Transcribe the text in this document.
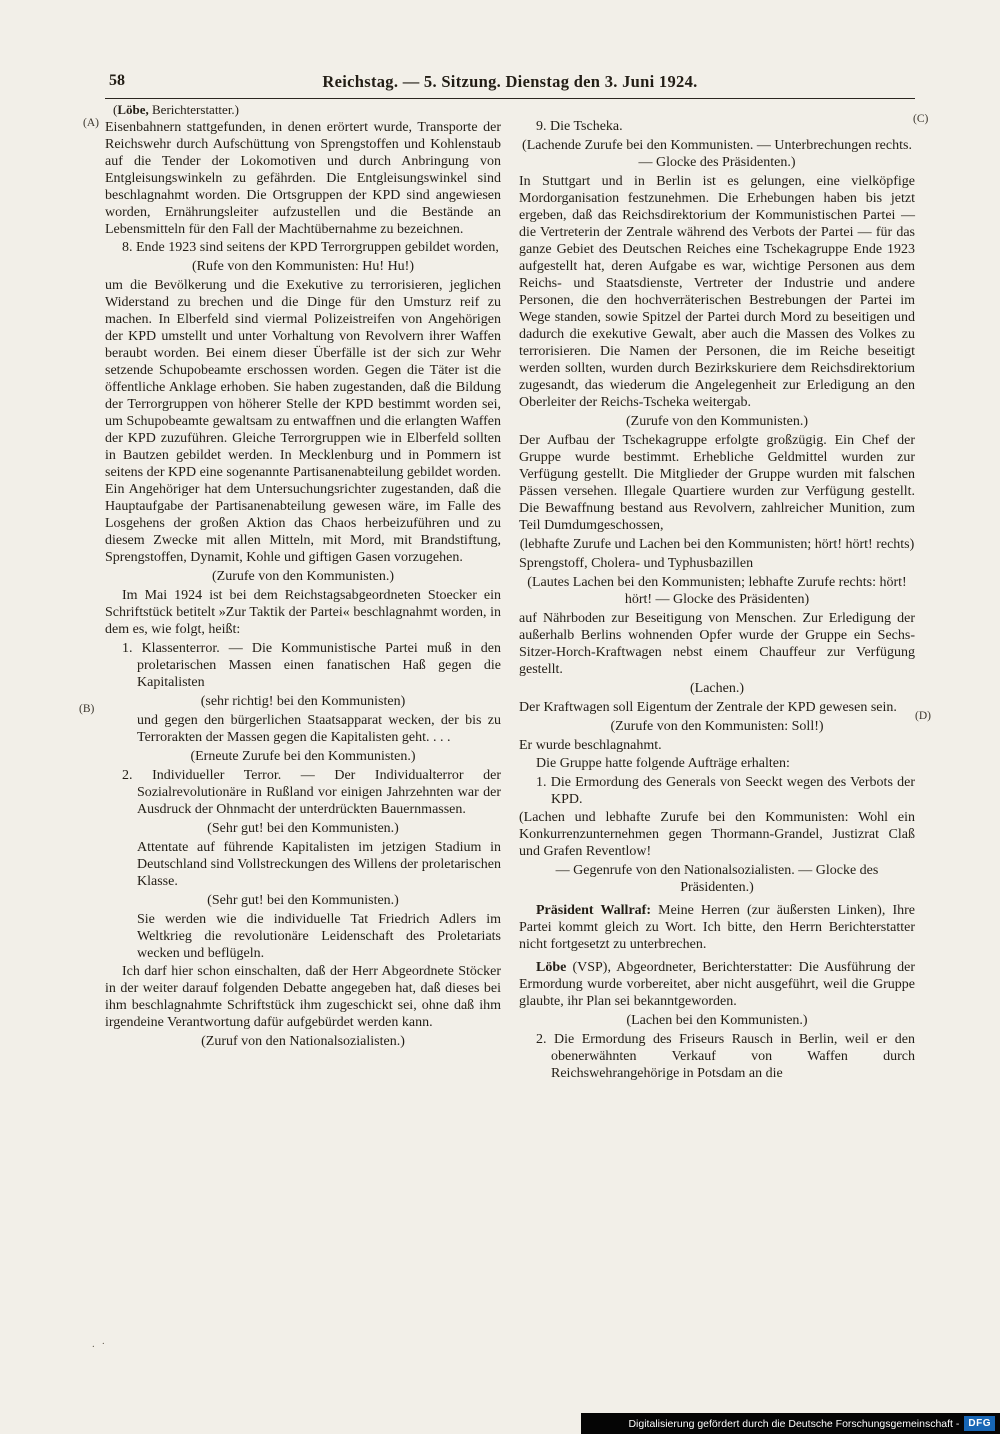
58	Reichstag. — 5. Sitzung. Dienstag den 3. Juni 1924.
(A)
(B)
(C)
(D)

(Löbe, Berichterstatter.)

Eisenbahnern stattgefunden, in denen erörtert wurde, Transporte der Reichswehr durch Aufschüttung von Sprengstoffen und Kohlenstaub auf die Tender der Lokomotiven und durch Anbringung von Entgleisungswinkeln zu gefährden. Die Entgleisungswinkel sind beschlagnahmt worden. Die Ortsgruppen der KPD sind angewiesen worden, Ernährungsleiter aufzustellen und die Bestände an Lebensmitteln für den Fall der Machtübernahme zu bezeichnen.

8. Ende 1923 sind seitens der KPD Terrorgruppen gebildet worden,

(Rufe von den Kommunisten: Hu! Hu!)

um die Bevölkerung und die Exekutive zu terrorisieren, jeglichen Widerstand zu brechen und die Dinge für den Umsturz reif zu machen. In Elberfeld sind viermal Polizeistreifen von Angehörigen der KPD umstellt und unter Vorhaltung von Revolvern ihrer Waffen beraubt worden. Bei einem dieser Überfälle ist der sich zur Wehr setzende Schupobeamte erschossen worden. Gegen die Täter ist die öffentliche Anklage erhoben. Sie haben zugestanden, daß die Bildung der Terrorgruppen von höherer Stelle der KPD bestimmt worden sei, um Schupobeamte gewaltsam zu entwaffnen und die erlangten Waffen der KPD zuzuführen. Gleiche Terrorgruppen wie in Elberfeld sollten in Bautzen gebildet werden. In Mecklenburg und in Pommern ist seitens der KPD eine sogenannte Partisanenabteilung gebildet worden. Ein Angehöriger hat dem Untersuchungsrichter zugestanden, daß die Hauptaufgabe der Partisanenabteilung gewesen wäre, im Falle des Losgehens der großen Aktion das Chaos herbeizuführen und zu diesem Zwecke mit allen Mitteln, mit Mord, mit Brandstiftung, Sprengstoffen, Dynamit, Kohle und giftigen Gasen vorzugehen.

(Zurufe von den Kommunisten.)

Im Mai 1924 ist bei dem Reichstagsabgeordneten Stoecker ein Schriftstück betitelt »Zur Taktik der Partei« beschlagnahmt worden, in dem es, wie folgt, heißt:

1. Klassenterror. — Die Kommunistische Partei muß in den proletarischen Massen einen fanatischen Haß gegen die Kapitalisten

(sehr richtig! bei den Kommunisten)

und gegen den bürgerlichen Staatsapparat wecken, der bis zu Terrorakten der Massen gegen die Kapitalisten geht. . . .

(Erneute Zurufe bei den Kommunisten.)

2. Individueller Terror. — Der Individualterror der Sozialrevolutionäre in Rußland vor einigen Jahrzehnten war der Ausdruck der Ohnmacht der unterdrückten Bauernmassen.

(Sehr gut! bei den Kommunisten.)

Attentate auf führende Kapitalisten im jetzigen Stadium in Deutschland sind Vollstreckungen des Willens der proletarischen Klasse.

(Sehr gut! bei den Kommunisten.)

Sie werden wie die individuelle Tat Friedrich Adlers im Weltkrieg die revolutionäre Leidenschaft des Proletariats wecken und beflügeln.

Ich darf hier schon einschalten, daß der Herr Abgeordnete Stöcker in der weiter darauf folgenden Debatte angegeben hat, daß dieses bei ihm beschlagnahmte Schriftstück ihm zugeschickt sei, ohne daß ihm irgendeine Verantwortung dafür aufgebürdet werden kann.

(Zuruf von den Nationalsozialisten.)

9. Die Tscheka.

(Lachende Zurufe bei den Kommunisten. — Unterbrechungen rechts. — Glocke des Präsidenten.)

In Stuttgart und in Berlin ist es gelungen, eine vielköpfige Mordorganisation festzunehmen. Die Erhebungen haben bis jetzt ergeben, daß das Reichsdirektorium der Kommunistischen Partei — die Vertreterin der Zentrale während des Verbots der Partei — für das ganze Gebiet des Deutschen Reiches eine Tschekagruppe Ende 1923 aufgestellt hat, deren Aufgabe es war, wichtige Personen aus dem Reichs- und Staatsdienste, Vertreter der Industrie und andere Personen, die den hochverräterischen Bestrebungen der Partei im Wege standen, sowie Spitzel der Partei durch Mord zu beseitigen und dadurch die exekutive Gewalt, aber auch die Massen des Volkes zu terrorisieren. Die Namen der Personen, die im Reiche beseitigt werden sollten, wurden durch Bezirkskuriere dem Reichsdirektorium zugesandt, das wiederum die Angelegenheit zur Erledigung an den Oberleiter der Reichs-Tscheka weitergab.

(Zurufe von den Kommunisten.)

Der Aufbau der Tschekagruppe erfolgte großzügig. Ein Chef der Gruppe wurde bestimmt. Erhebliche Geldmittel wurden zur Verfügung gestellt. Die Mitglieder der Gruppe wurden mit falschen Pässen versehen. Illegale Quartiere wurden zur Verfügung gestellt. Die Bewaffnung bestand aus Revolvern, zahlreicher Munition, zum Teil Dumdumgeschossen,

(lebhafte Zurufe und Lachen bei den Kommunisten; hört! hört! rechts)

Sprengstoff, Cholera- und Typhusbazillen

(Lautes Lachen bei den Kommunisten; lebhafte Zurufe rechts: hört! hört! — Glocke des Präsidenten)

auf Nährboden zur Beseitigung von Menschen. Zur Erledigung der außerhalb Berlins wohnenden Opfer wurde der Gruppe ein Sechs-Sitzer-Horch-Kraftwagen nebst einem Chauffeur zur Verfügung gestellt.

(Lachen.)

Der Kraftwagen soll Eigentum der Zentrale der KPD gewesen sein.

(Zurufe von den Kommunisten: Soll!)

Er wurde beschlagnahmt.

Die Gruppe hatte folgende Aufträge erhalten:

1. Die Ermordung des Generals von Seeckt wegen des Verbots der KPD.

(Lachen und lebhafte Zurufe bei den Kommunisten: Wohl ein Konkurrenzunternehmen gegen Thormann-Grandel, Justizrat Claß und Grafen Reventlow!

— Gegenrufe von den Nationalsozialisten. — Glocke des Präsidenten.)

Präsident Wallraf: Meine Herren (zur äußersten Linken), Ihre Partei kommt gleich zu Wort. Ich bitte, den Herrn Berichterstatter nicht fortgesetzt zu unterbrechen.

Löbe (VSP), Abgeordneter, Berichterstatter: Die Ausführung der Ermordung wurde vorbereitet, aber nicht ausgeführt, weil die Gruppe glaubte, ihr Plan sei bekanntgeworden.

(Lachen bei den Kommunisten.)

2. Die Ermordung des Friseurs Rausch in Berlin, weil er den obenerwähnten Verkauf von Waffen durch Reichswehrangehörige in Potsdam an die

. ·
Digitalisierung gefördert durch die Deutsche Forschungsgemeinschaft - DFG
